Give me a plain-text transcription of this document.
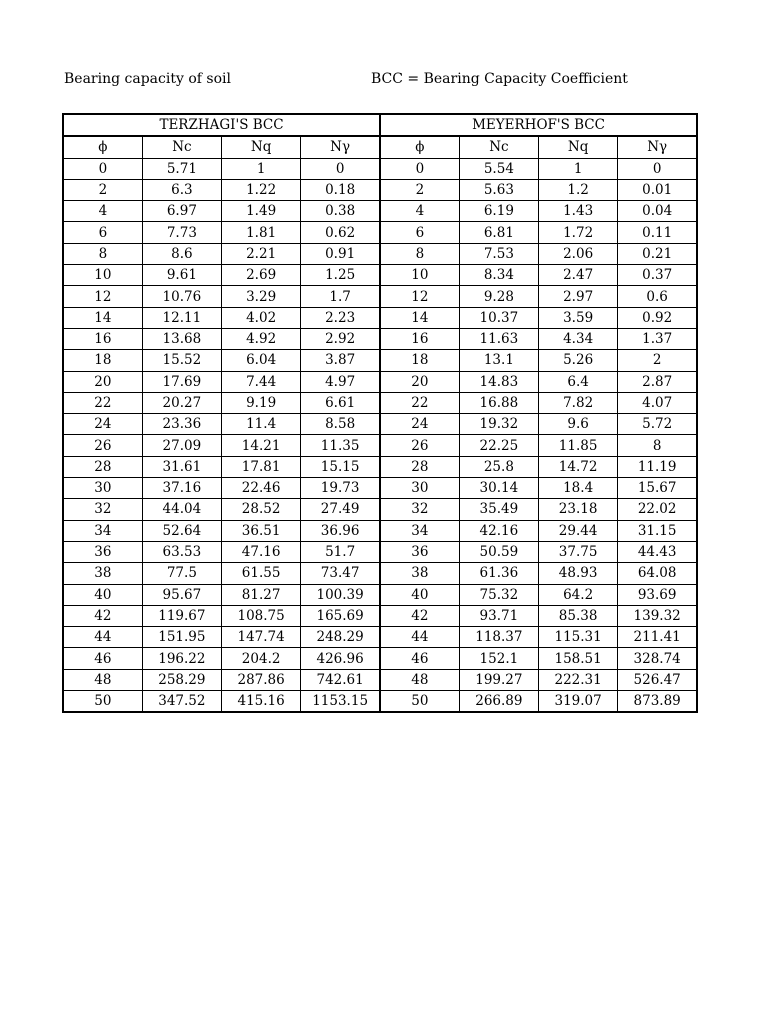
Bearing capacity of soil	BCC = Bearing Capacity Coefficient
TERZHAGI'S BCC				MEYERHOF'S BCC			
ϕ	Nc	Nq	Nγ	ϕ	Nc	Nq	Nγ
0	5.71	1	0	0	5.54	1	0
2	6.3	1.22	0.18	2	5.63	1.2	0.01
4	6.97	1.49	0.38	4	6.19	1.43	0.04
6	7.73	1.81	0.62	6	6.81	1.72	0.11
8	8.6	2.21	0.91	8	7.53	2.06	0.21
10	9.61	2.69	1.25	10	8.34	2.47	0.37
12	10.76	3.29	1.7	12	9.28	2.97	0.6
14	12.11	4.02	2.23	14	10.37	3.59	0.92
16	13.68	4.92	2.92	16	11.63	4.34	1.37
18	15.52	6.04	3.87	18	13.1	5.26	2
20	17.69	7.44	4.97	20	14.83	6.4	2.87
22	20.27	9.19	6.61	22	16.88	7.82	4.07
24	23.36	11.4	8.58	24	19.32	9.6	5.72
26	27.09	14.21	11.35	26	22.25	11.85	8
28	31.61	17.81	15.15	28	25.8	14.72	11.19
30	37.16	22.46	19.73	30	30.14	18.4	15.67
32	44.04	28.52	27.49	32	35.49	23.18	22.02
34	52.64	36.51	36.96	34	42.16	29.44	31.15
36	63.53	47.16	51.7	36	50.59	37.75	44.43
38	77.5	61.55	73.47	38	61.36	48.93	64.08
40	95.67	81.27	100.39	40	75.32	64.2	93.69
42	119.67	108.75	165.69	42	93.71	85.38	139.32
44	151.95	147.74	248.29	44	118.37	115.31	211.41
46	196.22	204.2	426.96	46	152.1	158.51	328.74
48	258.29	287.86	742.61	48	199.27	222.31	526.47
50	347.52	415.16	1153.15	50	266.89	319.07	873.89
